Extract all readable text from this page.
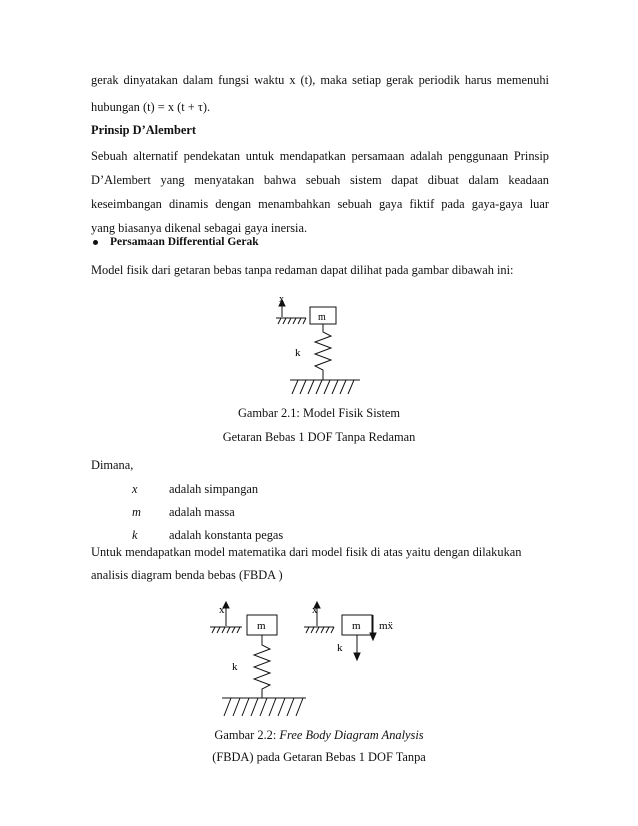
gerak dinyatakan dalam fungsi waktu x (t), maka setiap gerak periodik harus memenuhi
hubungan (t) = x (t + τ).
Prinsip D’Alembert
Sebuah alternatif pendekatan untuk mendapatkan persamaan adalah penggunaan Prinsip
D’Alembert yang menyatakan bahwa sebuah sistem dapat dibuat dalam keadaan
keseimbangan dinamis dengan menambahkan sebuah gaya fiktif pada gaya-gaya luar
yang biasanya dikenal sebagai gaya inersia.
Persamaan Differential Gerak
Model fisik dari getaran bebas tanpa redaman dapat dilihat pada gambar dibawah ini:
x
m
k
x
m
k
x
m mẍ
k
Gambar 2.1: Model Fisik Sistem
Getaran Bebas 1 DOF Tanpa Redaman
Dimana,
x	adalah simpangan
m adalah massa
k	adalah konstanta pegas
Untuk mendapatkan model matematika dari model fisik di atas yaitu dengan dilakukan
analisis diagram benda bebas (FBDA )
Gambar 2.2: Free Body Diagram Analysis
(FBDA) pada Getaran Bebas 1 DOF Tanpa
